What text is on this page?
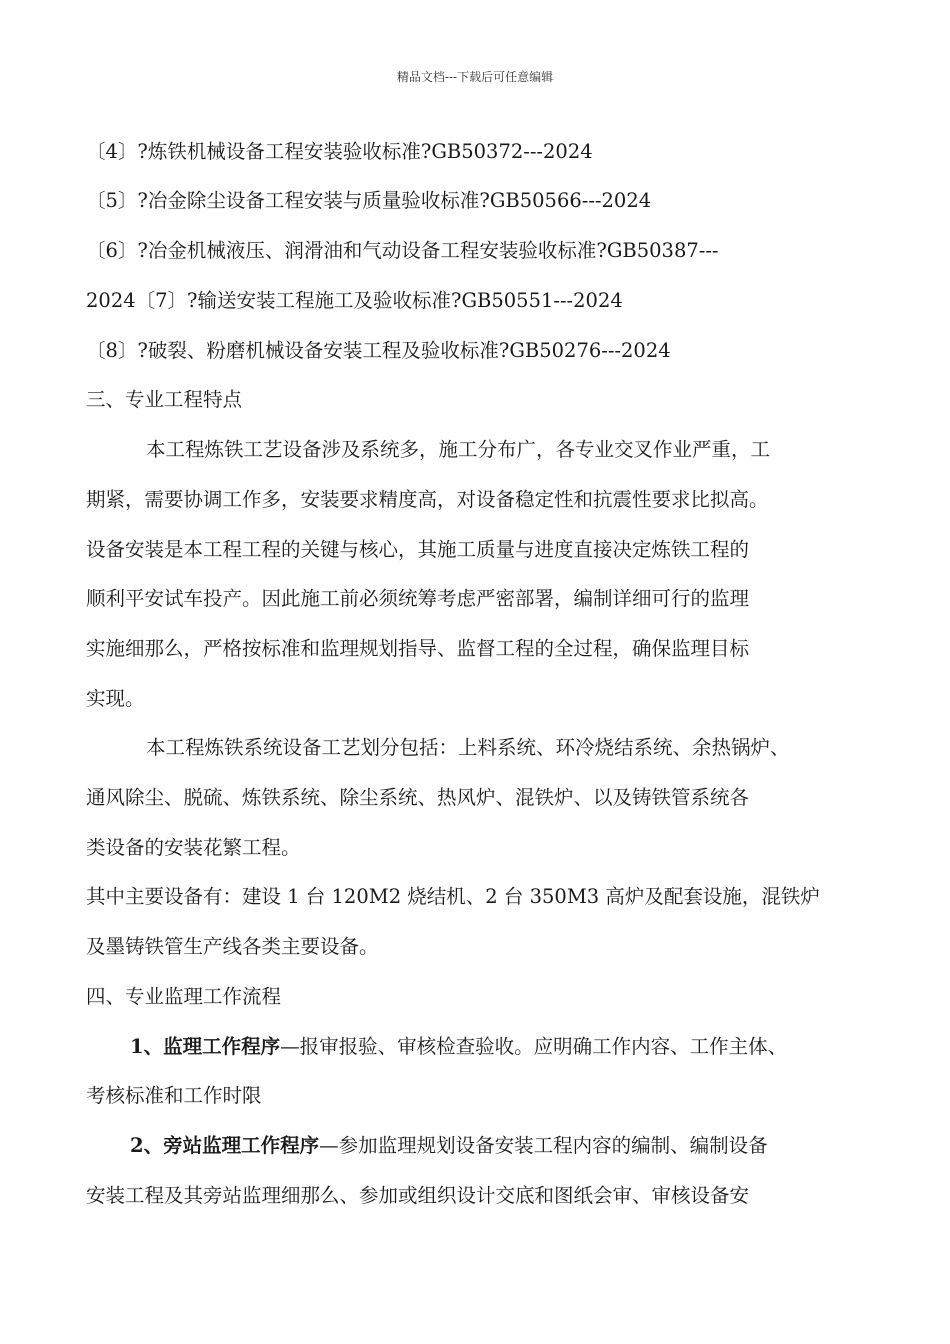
精品文档---下载后可任意编辑
〔4〕?炼铁机械设备工程安装验收标准?GB50372---2024
〔5〕?冶金除尘设备工程安装与质量验收标准?GB50566---2024
〔6〕?冶金机械液压、润滑油和气动设备工程安装验收标准?GB50387---
2024〔7〕?输送安装工程施工及验收标准?GB50551---2024
〔8〕?破裂、粉磨机械设备安装工程及验收标准?GB50276---2024
三、专业工程特点
本工程炼铁工艺设备涉及系统多，施工分布广，各专业交叉作业严重，工
期紧，需要协调工作多，安装要求精度高，对设备稳定性和抗震性要求比拟高。
设备安装是本工程工程的关键与核心，其施工质量与进度直接决定炼铁工程的
顺利平安试车投产。因此施工前必须统筹考虑严密部署，编制详细可行的监理
实施细那么，严格按标准和监理规划指导、监督工程的全过程，确保监理目标
实现。
本工程炼铁系统设备工艺划分包括：上料系统、环冷烧结系统、余热锅炉、
通风除尘、脱硫、炼铁系统、除尘系统、热风炉、混铁炉、以及铸铁管系统各
类设备的安装花繁工程。
其中主要设备有：建设 1 台 120M2 烧结机、2 台 350M3 高炉及配套设施，混铁炉
及墨铸铁管生产线各类主要设备。
四、专业监理工作流程
1、监理工作程序—报审报验、审核检查验收。应明确工作内容、工作主体、
考核标准和工作时限
2、旁站监理工作程序—参加监理规划设备安装工程内容的编制、编制设备
安装工程及其旁站监理细那么、参加或组织设计交底和图纸会审、审核设备安
